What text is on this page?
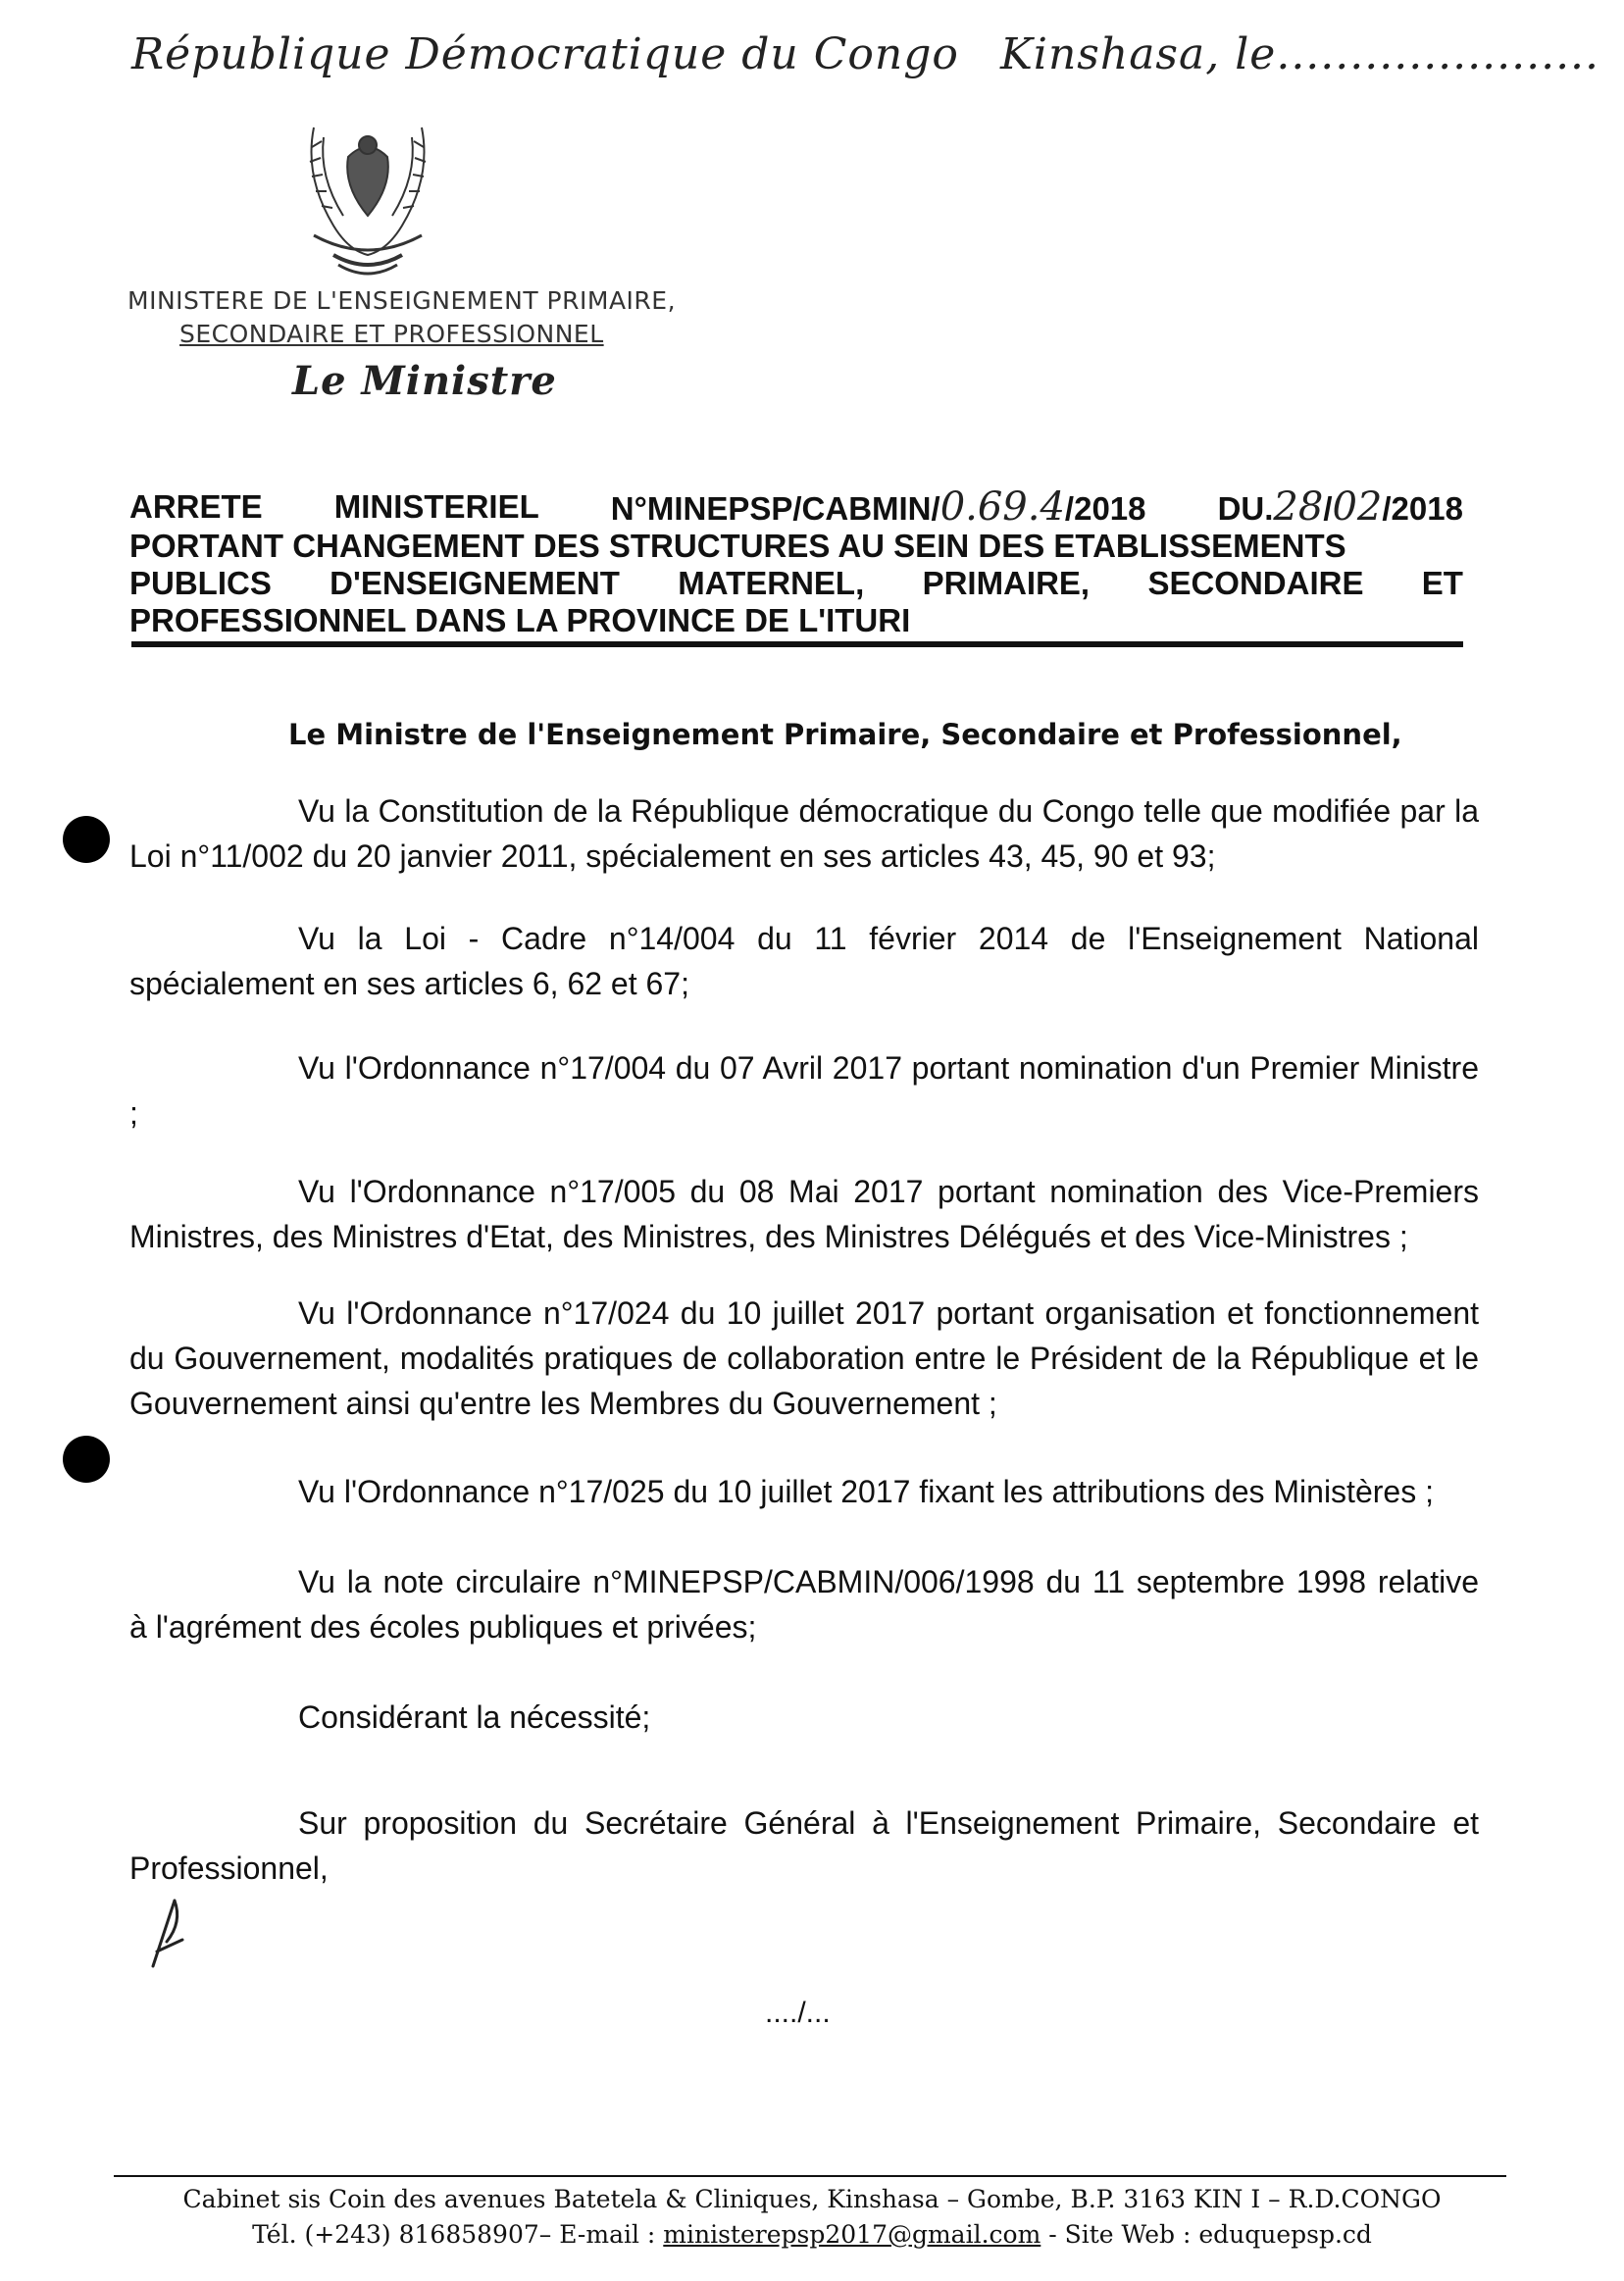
République Démocratique du Congo Kinshasa, le......................
MINISTERE DE L'ENSEIGNEMENT PRIMAIRE,
SECONDAIRE ET PROFESSIONNEL
Le Ministre
ARRETE MINISTERIEL N°MINEPSP/CABMIN/0.69.4/2018 DU.28/02/2018
PORTANT CHANGEMENT DES STRUCTURES AU SEIN DES ETABLISSEMENTS
PUBLICS D'ENSEIGNEMENT MATERNEL, PRIMAIRE, SECONDAIRE ET
PROFESSIONNEL DANS LA PROVINCE DE L'ITURI
Le Ministre de l'Enseignement Primaire, Secondaire et Professionnel,

Vu la Constitution de la République démocratique du Congo telle que modifiée par la Loi n°11/002 du 20 janvier 2011, spécialement en ses articles 43, 45, 90 et 93;

Vu la Loi - Cadre n°14/004 du 11 février 2014 de l'Enseignement National spécialement en ses articles 6, 62 et 67;

Vu l'Ordonnance n°17/004 du 07 Avril 2017 portant nomination d'un Premier Ministre ;

Vu l'Ordonnance n°17/005 du 08 Mai 2017 portant nomination des Vice-Premiers Ministres, des Ministres d'Etat, des Ministres, des Ministres Délégués et des Vice-Ministres ;

Vu l'Ordonnance n°17/024 du 10 juillet 2017 portant organisation et fonctionnement du Gouvernement, modalités pratiques de collaboration entre le Président de la République et le Gouvernement ainsi qu'entre les Membres du Gouvernement ;

Vu l'Ordonnance n°17/025 du 10 juillet 2017 fixant les attributions des Ministères ;

Vu la note circulaire n°MINEPSP/CABMIN/006/1998 du 11 septembre 1998 relative à l'agrément des écoles publiques et privées;

Considérant la nécessité;

Sur proposition du Secrétaire Général à l'Enseignement Primaire, Secondaire et Professionnel,

..../...
Cabinet sis Coin des avenues Batetela & Cliniques, Kinshasa – Gombe, B.P. 3163 KIN I – R.D.CONGO
Tél. (+243) 816858907– E-mail : ministerepsp2017@gmail.com - Site Web : eduquepsp.cd
